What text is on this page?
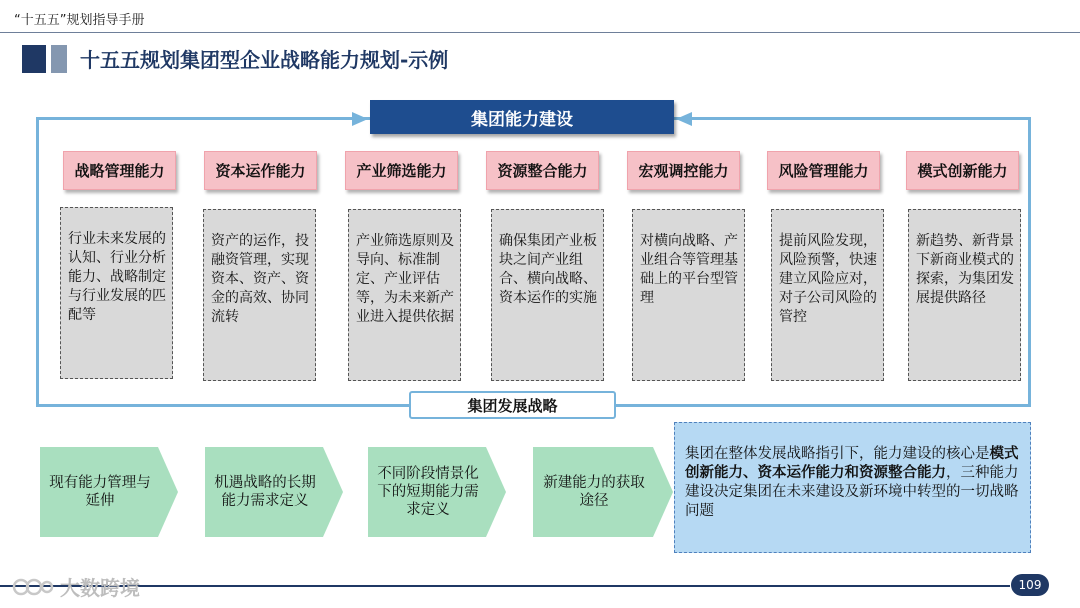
“十五五”规划指导手册
十五五规划集团型企业战略能力规划-示例
集团能力建设
集团发展战略
战略管理能力
行业未来发展的认知、行业分析能力、战略制定与行业发展的匹配等
资本运作能力
资产的运作，投融资管理，实现资本、资产、资金的高效、协同流转
产业筛选能力
产业筛选原则及导向、标准制定、产业评估等，为未来新产业进入提供依据
资源整合能力
确保集团产业板块之间产业组合、横向战略、资本运作的实施
宏观调控能力
对横向战略、产业组合等管理基础上的平台型管理
风险管理能力
提前风险发现，风险预警，快速建立风险应对，对子公司风险的管控
模式创新能力
新趋势、新背景下新商业模式的探索，为集团发展提供路径
现有能力管理与延伸
机遇战略的长期能力需求定义
不同阶段情景化下的短期能力需求定义
新建能力的获取途径
集团在整体发展战略指引下，能力建设的核心是模式创新能力、资本运作能力和资源整合能力，三种能力建设决定集团在未来建设及新环境中转型的一切战略问题
109
大数跨境
